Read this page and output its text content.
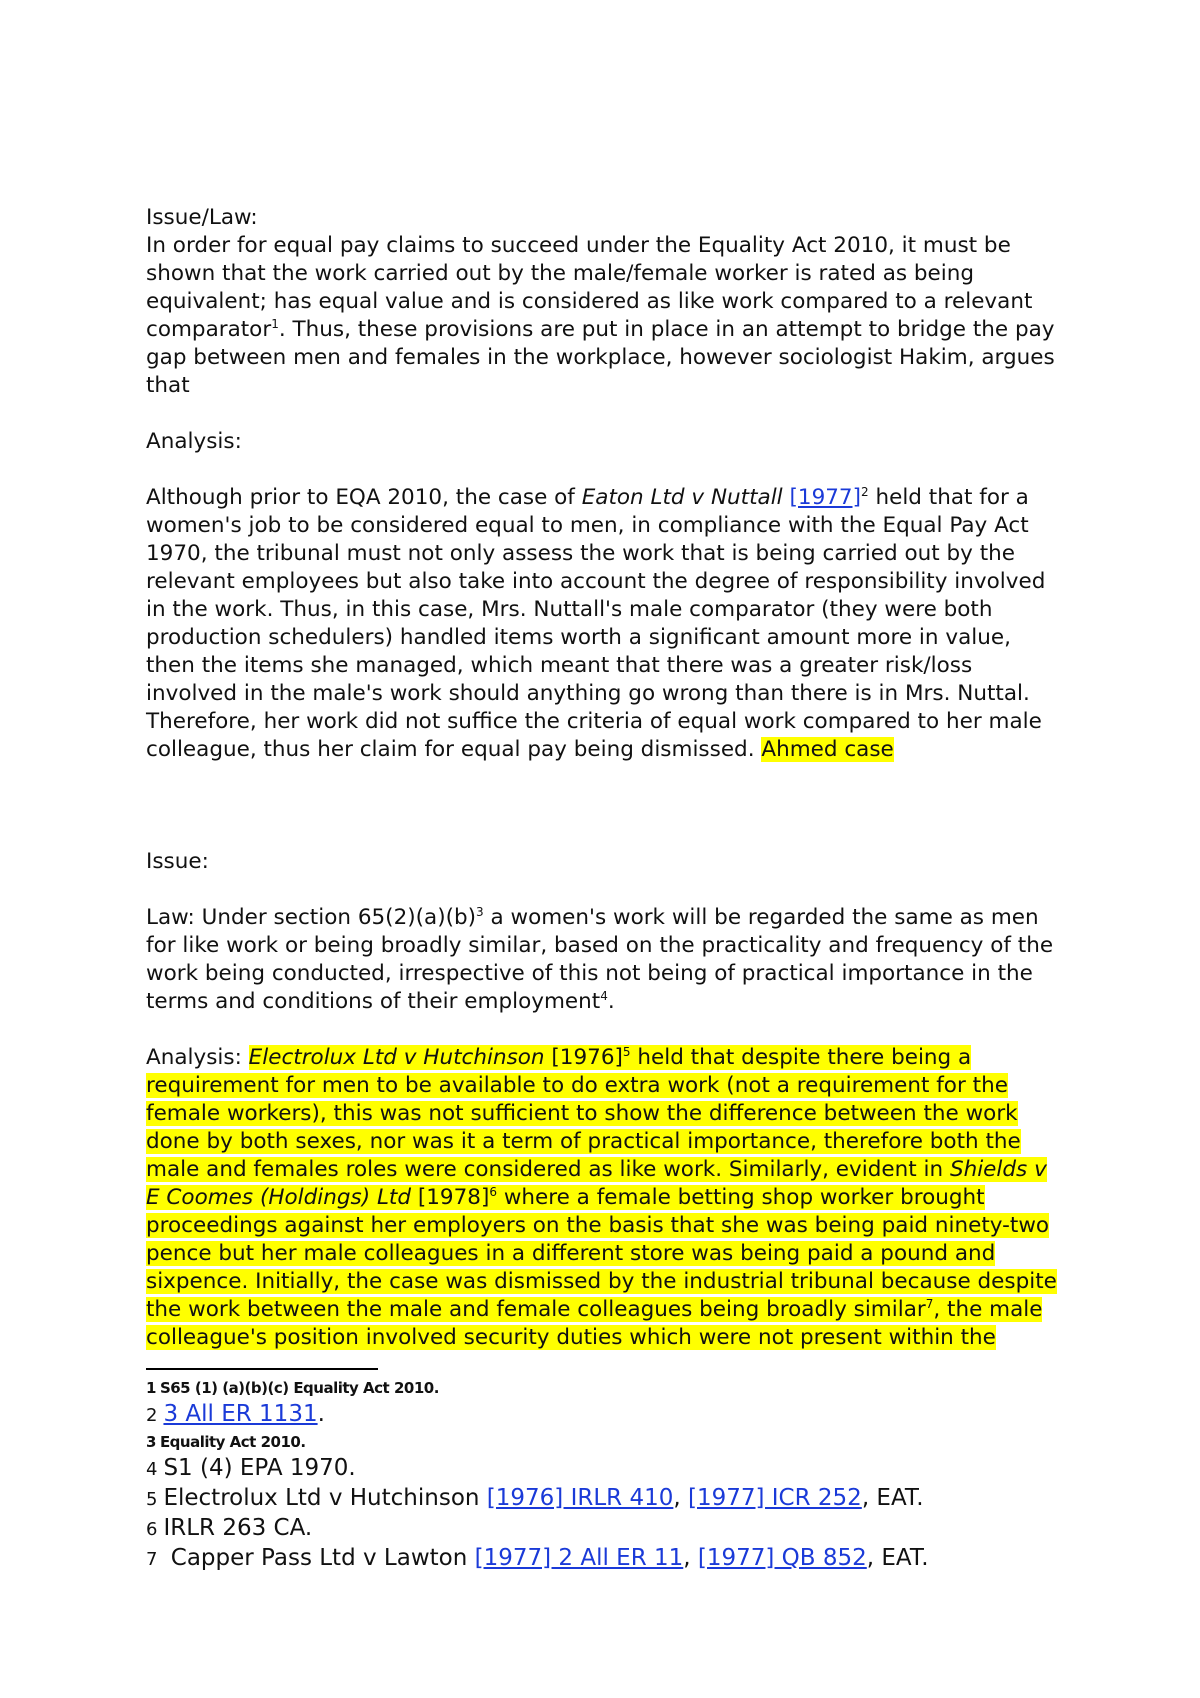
Issue/Law:

In order for equal pay claims to succeed under the Equality Act 2010, it must be shown that the work carried out by the male/female worker is rated as being equivalent; has equal value and is considered as like work compared to a relevant comparator$^1$. Thus, these provisions are put in place in an attempt to bridge the pay gap between men and females in the workplace, however sociologist Hakim, argues that

Analysis:

Although prior to EQA 2010, the case of Eaton Ltd v Nuttall $[1977]^2$ held that for a women's job to be considered equal to men, in compliance with the Equal Pay Act 1970, the tribunal must not only assess the work that is being carried out by the relevant employees but also take into account the degree of responsibility involved in the work. Thus, in this case, Mrs. Nuttall's male comparator (they were both production schedulers) handled items worth a significant amount more in value, then the items she managed, which meant that there was a greater risk/loss involved in the male's work should anything go wrong than there is in Mrs. Nuttal. Therefore, her work did not suffice the criteria of equal work compared to her male colleague, thus her claim for equal pay being dismissed. Ahmed case

Issue:

Law: Under section $65(2)(a)(b)^3$ a women's work will be regarded the same as men for like work or being broadly similar, based on the practicality and frequency of the work being conducted, irrespective of this not being of practical importance in the terms and conditions of their employment$^4$.

Analysis: Electrolux Ltd v Hutchinson $[1976]^5$ held that despite there being a requirement for men to be available to do extra work (not a requirement for the female workers), this was not sufficient to show the difference between the work done by both sexes, nor was it a term of practical importance, therefore both the male and females roles were considered as like work. Similarly, evident in Shields v E Coomes (Holdings) Ltd $[1978]^6$ where a female betting shop worker brought proceedings against her employers on the basis that she was being paid ninety-two pence but her male colleagues in a different store was being paid a pound and sixpence. Initially, the case was dismissed by the industrial tribunal because despite the work between the male and female colleagues being broadly similar$^7$, the male colleague's position involved security duties which were not present within the

1 S65 (1) (a)(b)(c) Equality Act 2010.
2 3 All ER 1131.
3 Equality Act 2010.
4 S1 (4) EPA 1970.
5 Electrolux Ltd v Hutchinson [1976] IRLR 410, [1977] ICR 252, EAT.
6 IRLR 263 CA.
7 Capper Pass Ltd v Lawton [1977] 2 All ER 11, [1977] QB 852, EAT.
